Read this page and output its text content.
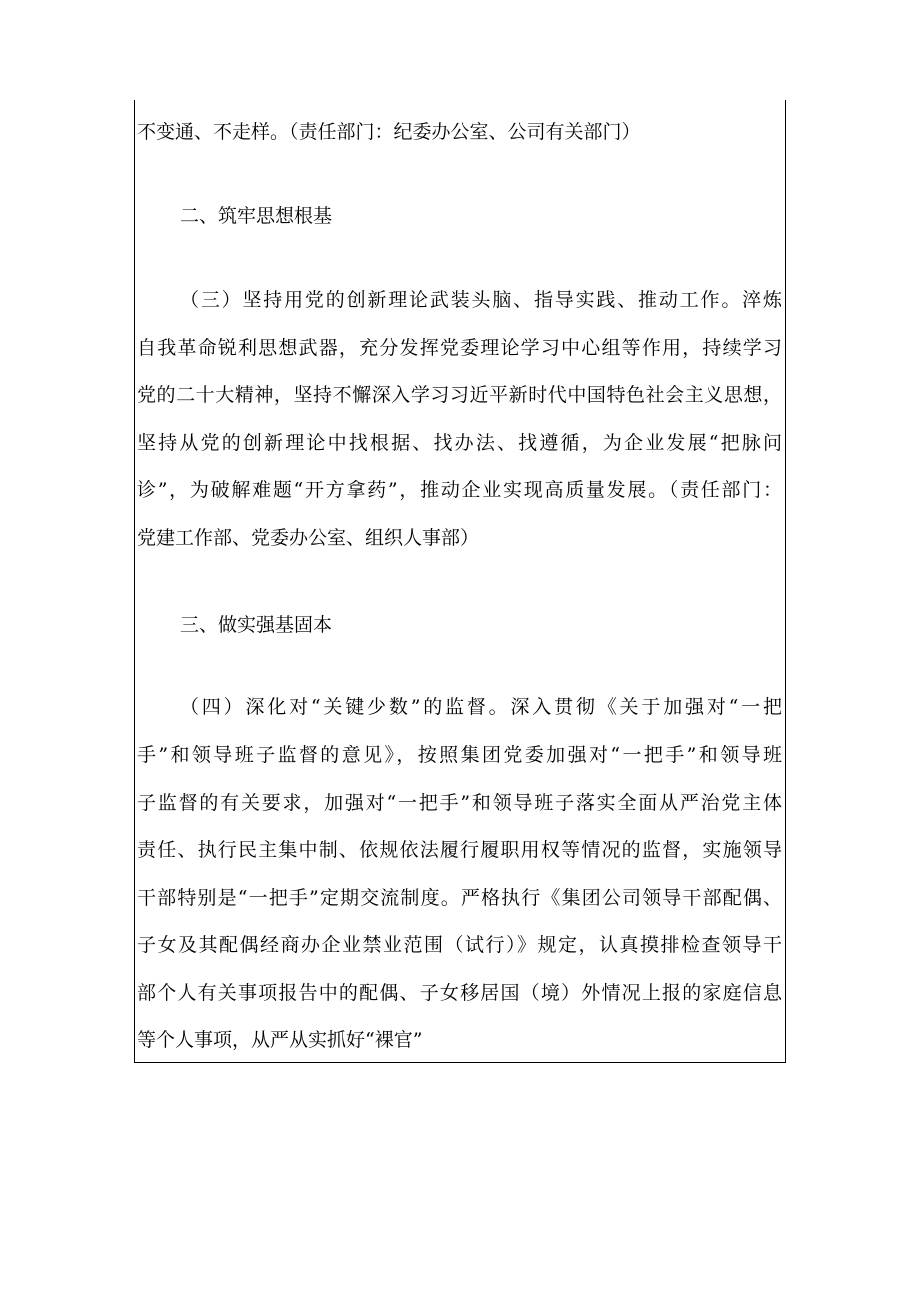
不变通、不走样。（责任部门：纪委办公室、公司有关部门）
二、筑牢思想根基
（三）坚持用党的创新理论武装头脑、指导实践、推动工作。淬炼
自我革命锐利思想武器，充分发挥党委理论学习中心组等作用，持续学习
党的二十大精神，坚持不懈深入学习习近平新时代中国特色社会主义思想，
坚持从党的创新理论中找根据、找办法、找遵循，为企业发展“把脉问
诊”，为破解难题“开方拿药”，推动企业实现高质量发展。（责任部门：
党建工作部、党委办公室、组织人事部）
三、做实强基固本
（四）深化对“关键少数”的监督。深入贯彻《关于加强对“一把
手”和领导班子监督的意见》，按照集团党委加强对“一把手”和领导班
子监督的有关要求，加强对“一把手”和领导班子落实全面从严治党主体
责任、执行民主集中制、依规依法履行履职用权等情况的监督，实施领导
干部特别是“一把手”定期交流制度。严格执行《集团公司领导干部配偶、
子女及其配偶经商办企业禁业范围（试行）》规定，认真摸排检查领导干
部个人有关事项报告中的配偶、子女移居国（境）外情况上报的家庭信息
等个人事项，从严从实抓好“裸官”
